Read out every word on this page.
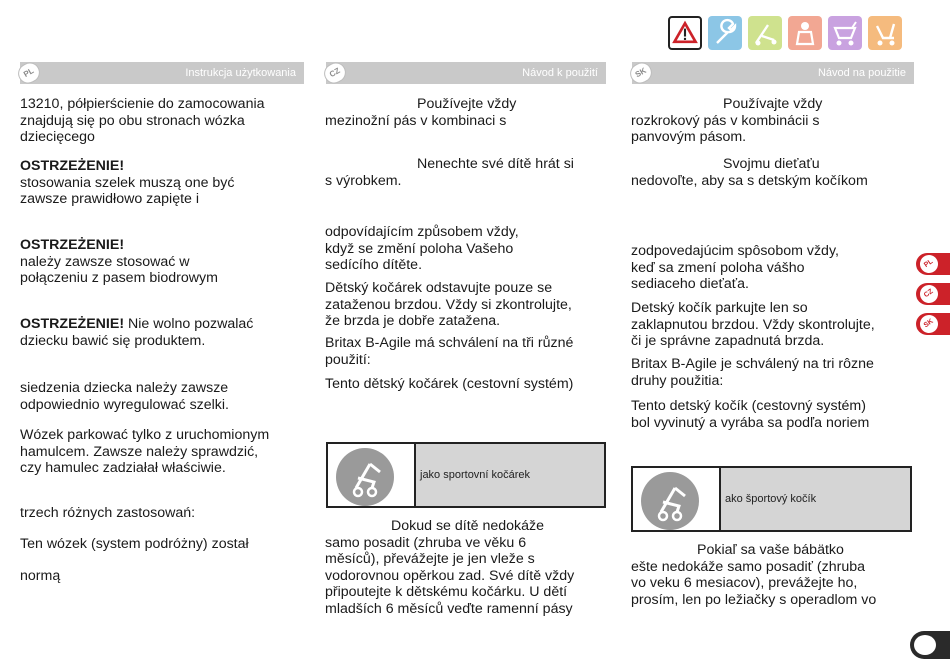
PL	Instrukcja użytkowania	CZ	Návod k použití	SK	Návod na použitie
13210, półpierścienie do zamocowania
znajdują się po obu stronach wózka
dziecięcego
OSTRZEŻENIE!
stosowania szelek muszą one być
zawsze prawidłowo zapięte i
OSTRZEŻENIE!
należy zawsze stosować w
połączeniu z pasem biodrowym
OSTRZEŻENIE! Nie wolno pozwalać
dziecku bawić się produktem.
siedzenia dziecka należy zawsze
odpowiednio wyregulować szelki.
Wózek parkować tylko z uruchomionym
hamulcem. Zawsze należy sprawdzić,
czy hamulec zadziałał właściwie.
trzech różnych zastosowań:
Ten wózek (system podróżny) został
normą
Používejte vždy
mezinožní pás v kombinaci s
Nenechte své dítě hrát si
s výrobkem.
odpovídajícím způsobem vždy,
když se změní poloha Vašeho
sedícího dítěte.
Dětský kočárek odstavujte pouze se
zataženou brzdou. Vždy si zkontrolujte,
že brzda je dobře zatažena.
Britax B-Agile má schválení na tři různé
použití:
Tento dětský kočárek (cestovní systém)
Dokud se dítě nedokáže
samo posadit (zhruba ve věku 6
měsíců), převážejte je jen vleže s
vodorovnou opěrkou zad. Své dítě vždy
připoutejte k dětskému kočárku. U dětí
mladších 6 měsíců veďte ramenní pásy
jako sportovní kočárek
Používajte vždy
rozkrokový pás v kombinácii s
panvovým pásom.
Svojmu dieťaťu
nedovoľte, aby sa s detským kočíkom
zodpovedajúcim spôsobom vždy,
keď sa zmení poloha vášho
sediaceho dieťaťa.
Detský kočík parkujte len so
zaklapnutou brzdou. Vždy skontrolujte,
či je správne zapadnutá brzda.
Britax B-Agile je schválený na tri rôzne
druhy použitia:
Tento detský kočík (cestovný systém)
bol vyvinutý a vyrába sa podľa noriem
Pokiaľ sa vaše bábätko
ešte nedokáže samo posadiť (zhruba
vo veku 6 mesiacov), prevážejte ho,
prosím, len po ležiačky s operadlom vo
ako športový kočík
PL
CZ
SK
